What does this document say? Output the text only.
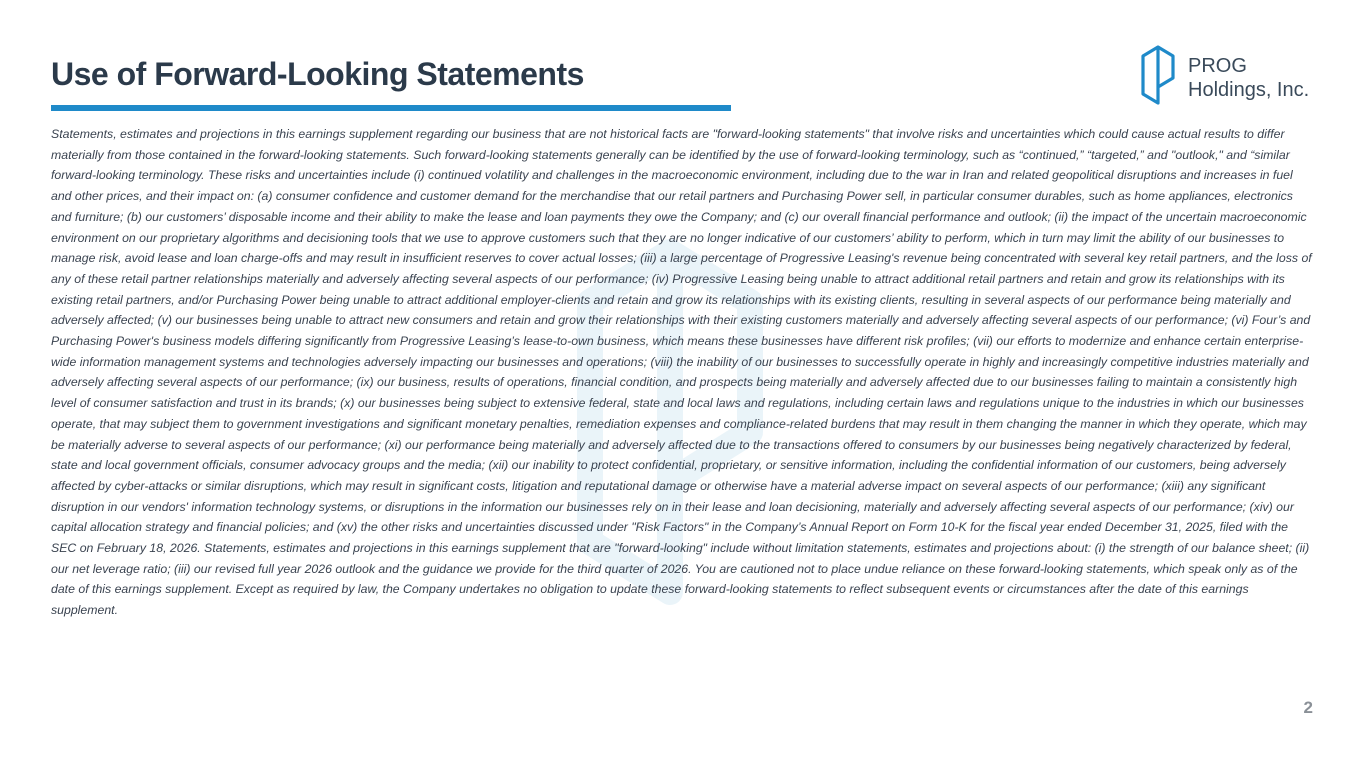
Use of Forward-Looking Statements	PROG
Holdings, Inc.

Statements, estimates and projections in this earnings supplement regarding our business that are not historical facts are "forward-looking statements" that involve risks and uncertainties which could cause actual results to differ materially from those contained in the forward-looking statements. Such forward-looking statements generally can be identified by the use of forward-looking terminology, such as “continued,” “targeted,” and "outlook," and “similar forward-looking terminology. These risks and uncertainties include (i) continued volatility and challenges in the macroeconomic environment, including due to the war in Iran and related geopolitical disruptions and increases in fuel and other prices, and their impact on: (a) consumer confidence and customer demand for the merchandise that our retail partners and Purchasing Power sell, in particular consumer durables, such as home appliances, electronics and furniture; (b) our customers’ disposable income and their ability to make the lease and loan payments they owe the Company; and (c) our overall financial performance and outlook; (ii) the impact of the uncertain macroeconomic environment on our proprietary algorithms and decisioning tools that we use to approve customers such that they are no longer indicative of our customers’ ability to perform, which in turn may limit the ability of our businesses to manage risk, avoid lease and loan charge-offs and may result in insufficient reserves to cover actual losses; (iii) a large percentage of Progressive Leasing's revenue being concentrated with several key retail partners, and the loss of any of these retail partner relationships materially and adversely affecting several aspects of our performance; (iv) Progressive Leasing being unable to attract additional retail partners and retain and grow its relationships with its existing retail partners, and/or Purchasing Power being unable to attract additional employer-clients and retain and grow its relationships with its existing clients, resulting in several aspects of our performance being materially and adversely affected; (v) our businesses being unable to attract new consumers and retain and grow their relationships with their existing customers materially and adversely affecting several aspects of our performance; (vi) Four’s and Purchasing Power's business models differing significantly from Progressive Leasing’s lease-to-own business, which means these businesses have different risk profiles; (vii) our efforts to modernize and enhance certain enterprise-wide information management systems and technologies adversely impacting our businesses and operations; (viii) the inability of our businesses to successfully operate in highly and increasingly competitive industries materially and adversely affecting several aspects of our performance; (ix) our business, results of operations, financial condition, and prospects being materially and adversely affected due to our businesses failing to maintain a consistently high level of consumer satisfaction and trust in its brands; (x) our businesses being subject to extensive federal, state and local laws and regulations, including certain laws and regulations unique to the industries in which our businesses operate, that may subject them to government investigations and significant monetary penalties, remediation expenses and compliance-related burdens that may result in them changing the manner in which they operate, which may be materially adverse to several aspects of our performance; (xi) our performance being materially and adversely affected due to the transactions offered to consumers by our businesses being negatively characterized by federal, state and local government officials, consumer advocacy groups and the media; (xii) our inability to protect confidential, proprietary, or sensitive information, including the confidential information of our customers, being adversely affected by cyber-attacks or similar disruptions, which may result in significant costs, litigation and reputational damage or otherwise have a material adverse impact on several aspects of our performance; (xiii) any significant disruption in our vendors' information technology systems, or disruptions in the information our businesses rely on in their lease and loan decisioning, materially and adversely affecting several aspects of our performance; (xiv) our capital allocation strategy and financial policies; and (xv) the other risks and uncertainties discussed under "Risk Factors" in the Company’s Annual Report on Form 10-K for the fiscal year ended December 31, 2025, filed with the SEC on February 18, 2026. Statements, estimates and projections in this earnings supplement that are "forward-looking" include without limitation statements, estimates and projections about: (i) the strength of our balance sheet; (ii) our net leverage ratio; (iii) our revised full year 2026 outlook and the guidance we provide for the third quarter of 2026. You are cautioned not to place undue reliance on these forward-looking statements, which speak only as of the date of this earnings supplement. Except as required by law, the Company undertakes no obligation to update these forward-looking statements to reflect subsequent events or circumstances after the date of this earnings supplement.

2
